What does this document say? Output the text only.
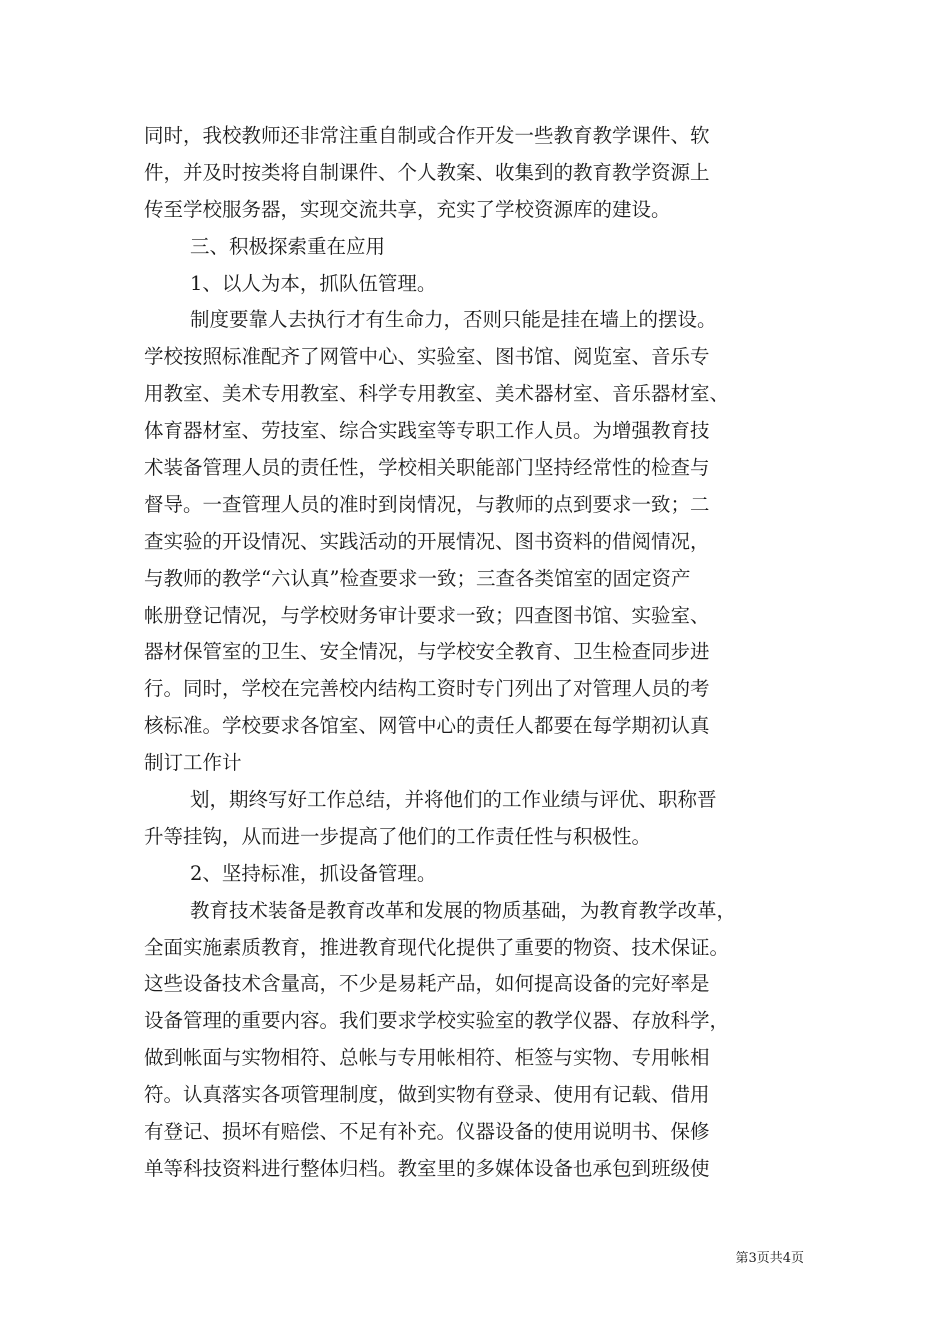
同时，我校教师还非常注重自制或合作开发一些教育教学课件、软
件，并及时按类将自制课件、个人教案、收集到的教育教学资源上
传至学校服务器，实现交流共享，充实了学校资源库的建设。
三、积极探索重在应用
1、以人为本，抓队伍管理。
制度要靠人去执行才有生命力，否则只能是挂在墙上的摆设。
学校按照标准配齐了网管中心、实验室、图书馆、阅览室、音乐专
用教室、美术专用教室、科学专用教室、美术器材室、音乐器材室、
体育器材室、劳技室、综合实践室等专职工作人员。为增强教育技
术装备管理人员的责任性，学校相关职能部门坚持经常性的检查与
督导。一查管理人员的准时到岗情况，与教师的点到要求一致；二
查实验的开设情况、实践活动的开展情况、图书资料的借阅情况，
与教师的教学“六认真”检查要求一致；三查各类馆室的固定资产
帐册登记情况，与学校财务审计要求一致；四查图书馆、实验室、
器材保管室的卫生、安全情况，与学校安全教育、卫生检查同步进
行。同时，学校在完善校内结构工资时专门列出了对管理人员的考
核标准。学校要求各馆室、网管中心的责任人都要在每学期初认真
制订工作计
划，期终写好工作总结，并将他们的工作业绩与评优、职称晋
升等挂钩，从而进一步提高了他们的工作责任性与积极性。
2、坚持标准，抓设备管理。
教育技术装备是教育改革和发展的物质基础，为教育教学改革，
全面实施素质教育，推进教育现代化提供了重要的物资、技术保证。
这些设备技术含量高，不少是易耗产品，如何提高设备的完好率是
设备管理的重要内容。我们要求学校实验室的教学仪器、存放科学，
做到帐面与实物相符、总帐与专用帐相符、柜签与实物、专用帐相
符。认真落实各项管理制度，做到实物有登录、使用有记载、借用
有登记、损坏有赔偿、不足有补充。仪器设备的使用说明书、保修
单等科技资料进行整体归档。教室里的多媒体设备也承包到班级使
第3页共4页
